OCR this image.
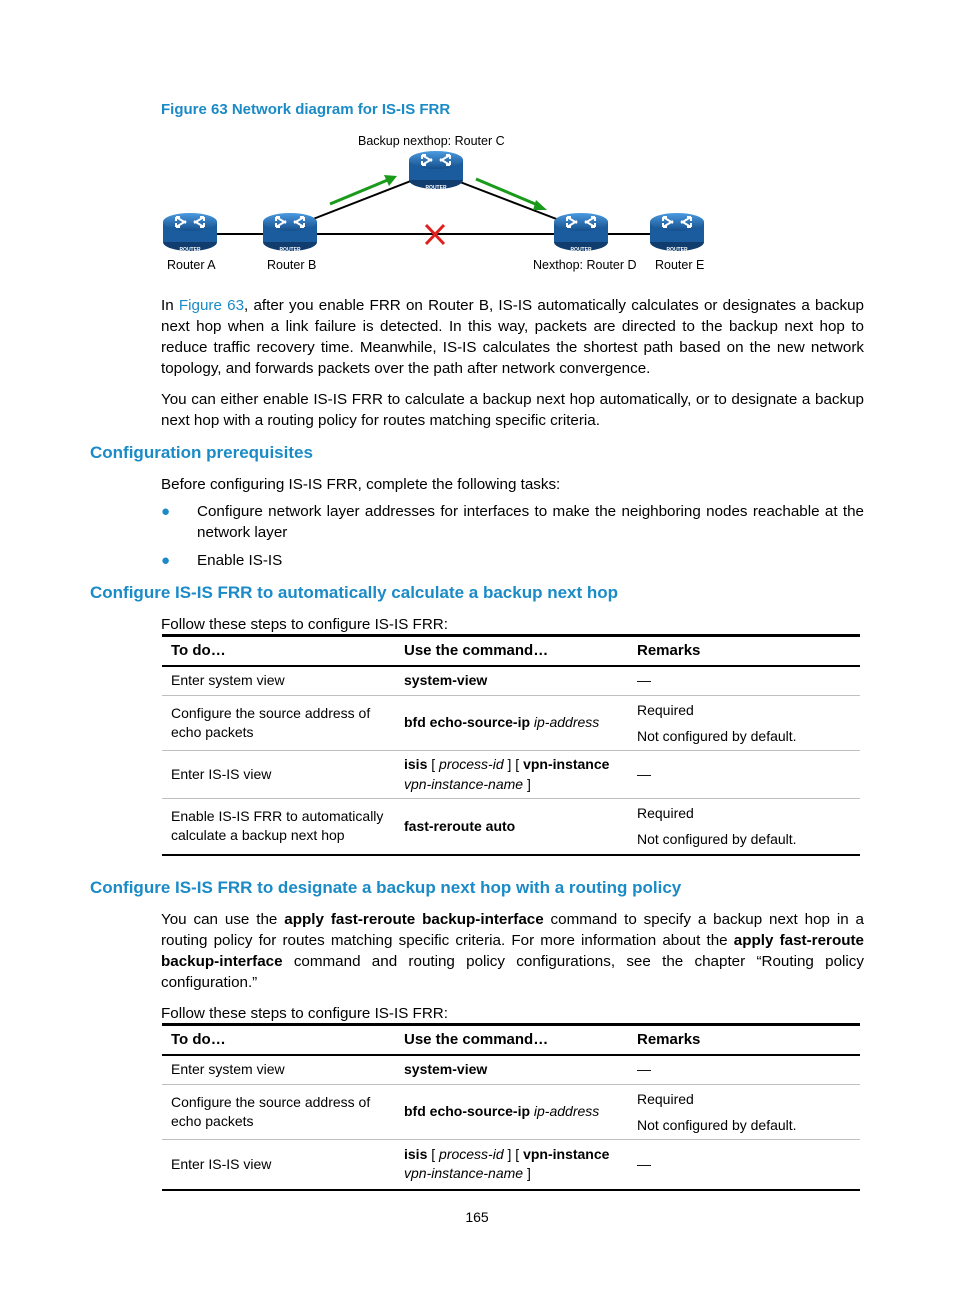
Figure 63 Network diagram for IS-IS FRR
ROUTER	ROUTER
ROUTER
ROUTER	ROUTER
Router A	Router B
Backup nexthop: Router C
Nexthop: Router D Router E
In Figure 63, after you enable FRR on Router B, IS-IS automatically calculates or designates a backup next hop when a link failure is detected. In this way, packets are directed to the backup next hop to reduce traffic recovery time. Meanwhile, IS-IS calculates the shortest path based on the new network topology, and forwards packets over the path after network convergence.
You can either enable IS-IS FRR to calculate a backup next hop automatically, or to designate a backup next hop with a routing policy for routes matching specific criteria.
Configuration prerequisites
Before configuring IS-IS FRR, complete the following tasks:
● Configure network layer addresses for interfaces to make the neighboring nodes reachable at the network layer
● Enable IS-IS
Configure IS-IS FRR to automatically calculate a backup next hop
Follow these steps to configure IS-IS FRR:
To do…	Use the command…	Remarks
Enter system view	system-view	—
Configure the source address of echo packets	bfd echo-source-ip ip-address	Required
Not configured by default.

Enter IS-IS view	isis [ process-id ] [ vpn-instance
vpn-instance-name ]	—
Enable IS-IS FRR to automatically calculate a backup next hop	fast-reroute auto	Required
Not configured by default.
Configure IS-IS FRR to designate a backup next hop with a routing policy
You can use the apply fast-reroute backup-interface command to specify a backup next hop in a routing policy for routes matching specific criteria. For more information about the apply fast-reroute backup-interface command and routing policy configurations, see the chapter “Routing policy configuration.”
Follow these steps to configure IS-IS FRR:
To do…	Use the command…	Remarks
Enter system view	system-view	—
Configure the source address of echo packets	bfd echo-source-ip ip-address	Required
Not configured by default.

Enter IS-IS view	isis [ process-id ] [ vpn-instance
vpn-instance-name ]	—
165
